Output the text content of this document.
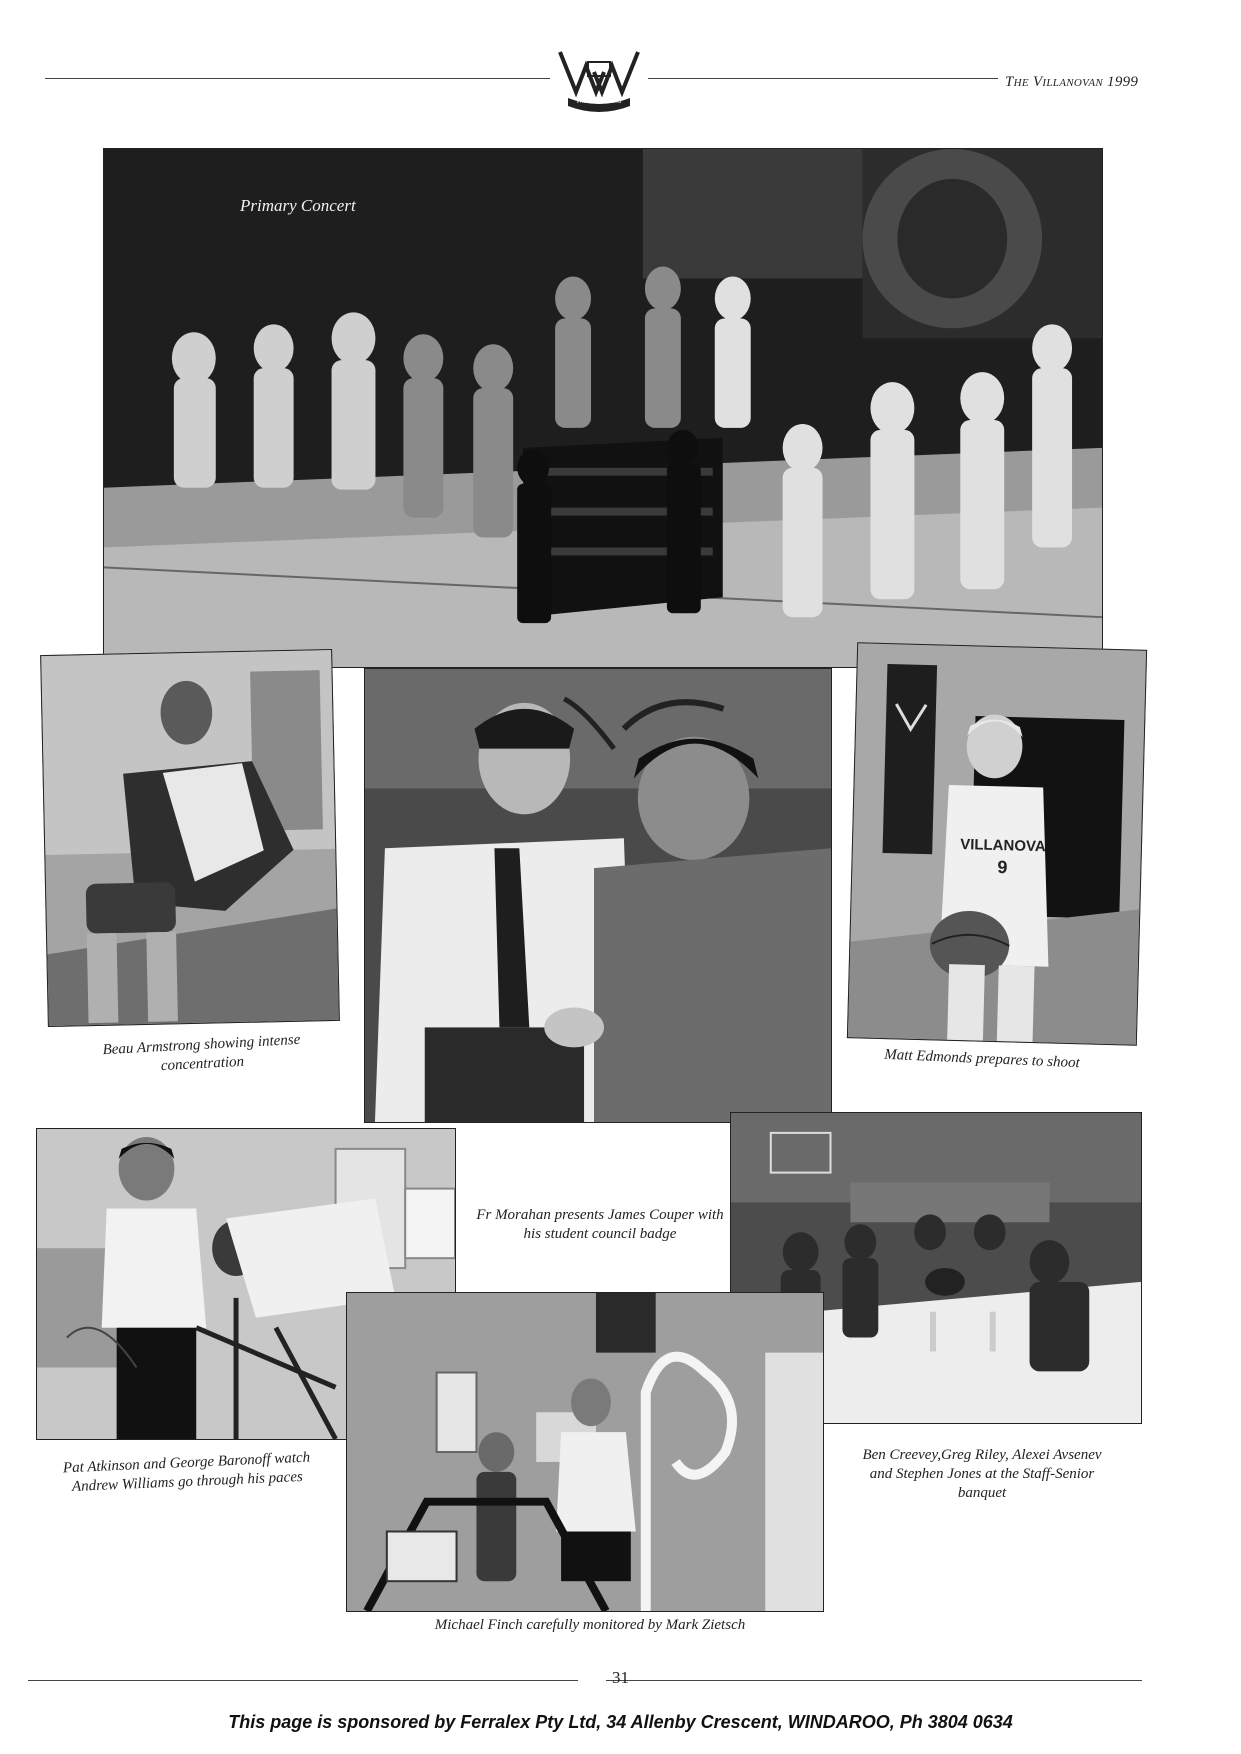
VINCIT VERITAS
The Villanovan 1999
Primary Concert
Beau Armstrong showing intense concentration
Fr Morahan presents James Couper with his student council badge
VILLANOVA
9
Matt Edmonds prepares to shoot
Pat Atkinson and George Baronoff watch Andrew Williams go through his paces
Ben Creevey,Greg Riley, Alexei Avsenev and Stephen Jones at the Staff-Senior banquet
Michael Finch carefully monitored by Mark Zietsch
31
This page is sponsored by Ferralex Pty Ltd, 34 Allenby Crescent, WINDAROO, Ph 3804 0634
